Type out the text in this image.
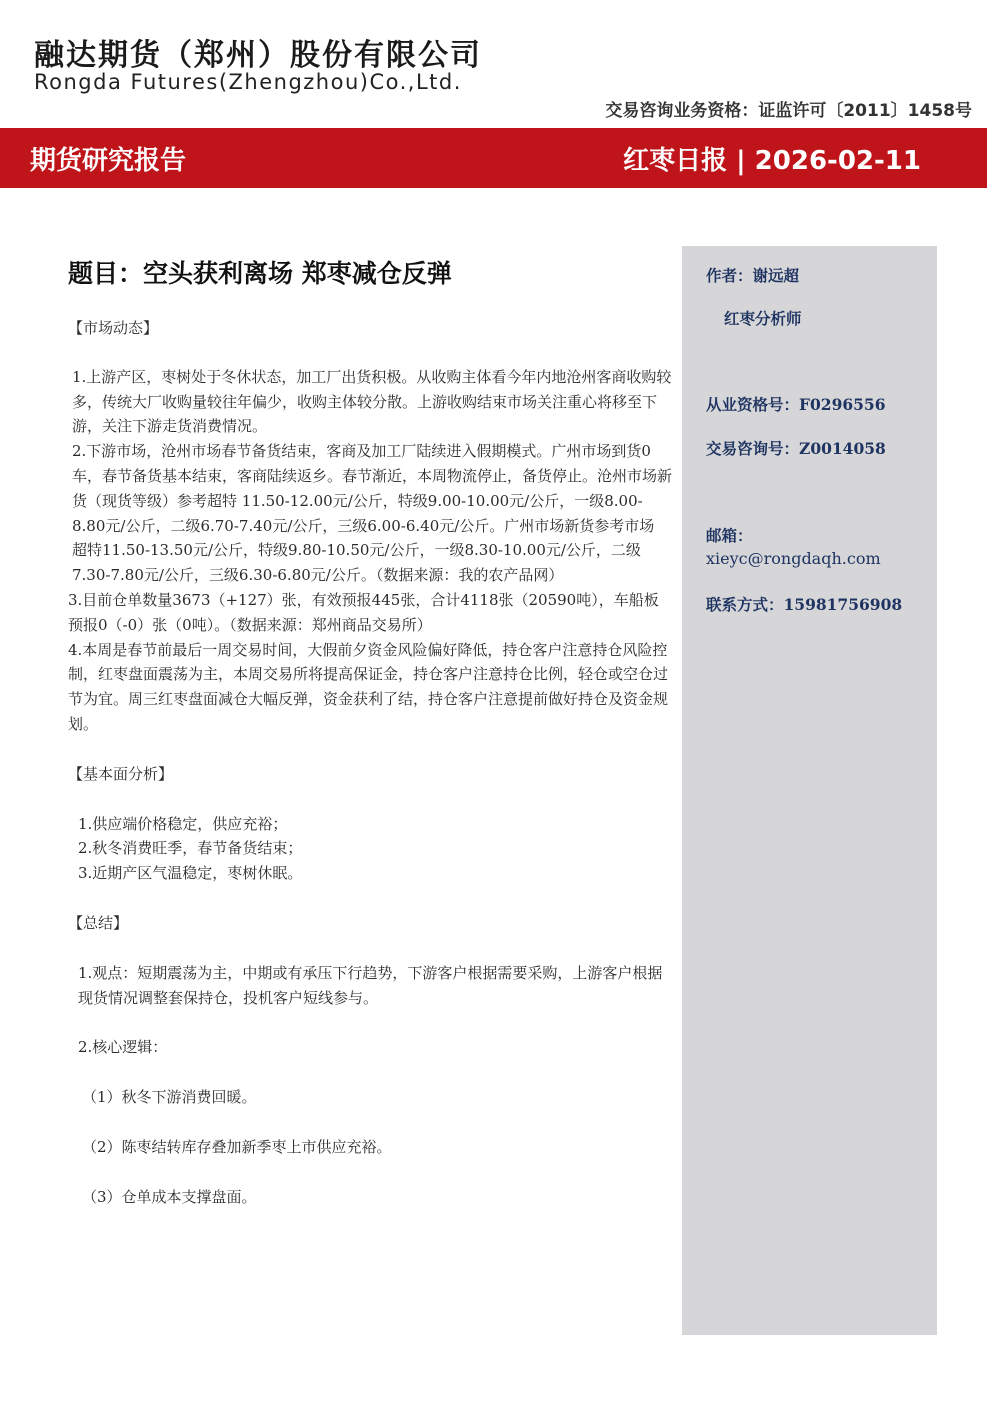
融达期货（郑州）股份有限公司
Rongda Futures(Zhengzhou)Co.,Ltd.
交易咨询业务资格：证监许可〔2011〕1458号
期货研究报告	红枣日报 | 2026-02-11
题目：空头获利离场 郑枣减仓反弹

【市场动态】

1.上游产区，枣树处于冬休状态，加工厂出货积极。从收购主体看今年内地沧州客商收购较多，传统大厂收购量较往年偏少，收购主体较分散。上游收购结束市场关注重心将移至下游，关注下游走货消费情况。

2.下游市场，沧州市场春节备货结束，客商及加工厂陆续进入假期模式。广州市场到货0车，春节备货基本结束，客商陆续返乡。春节渐近，本周物流停止，备货停止。沧州市场新货（现货等级）参考超特 11.50-12.00元/公斤，特级9.00-10.00元/公斤，一级8.00-8.80元/公斤，二级6.70-7.40元/公斤，三级6.00-6.40元/公斤。广州市场新货参考市场 超特11.50-13.50元/公斤，特级9.80-10.50元/公斤，一级8.30-10.00元/公斤，二级7.30-7.80元/公斤，三级6.30-6.80元/公斤。（数据来源：我的农产品网）

3.目前仓单数量3673（+127）张，有效预报445张，合计4118张（20590吨），车船板预报0（-0）张（0吨）。（数据来源：郑州商品交易所）

4.本周是春节前最后一周交易时间，大假前夕资金风险偏好降低，持仓客户注意持仓风险控制，红枣盘面震荡为主，本周交易所将提高保证金，持仓客户注意持仓比例，轻仓或空仓过节为宜。周三红枣盘面减仓大幅反弹，资金获利了结，持仓客户注意提前做好持仓及资金规划。

【基本面分析】

1.供应端价格稳定，供应充裕；

2.秋冬消费旺季，春节备货结束；

3.近期产区气温稳定，枣树休眠。

【总结】

1.观点：短期震荡为主，中期或有承压下行趋势，下游客户根据需要采购，上游客户根据现货情况调整套保持仓，投机客户短线参与。

2.核心逻辑：

（1）秋冬下游消费回暖。

（2）陈枣结转库存叠加新季枣上市供应充裕。

（3）仓单成本支撑盘面。

作者：谢远超
红枣分析师
从业资格号：F0296556
交易咨询号：Z0014058
邮箱：
xieyc@rongdaqh.com
联系方式：15981756908
